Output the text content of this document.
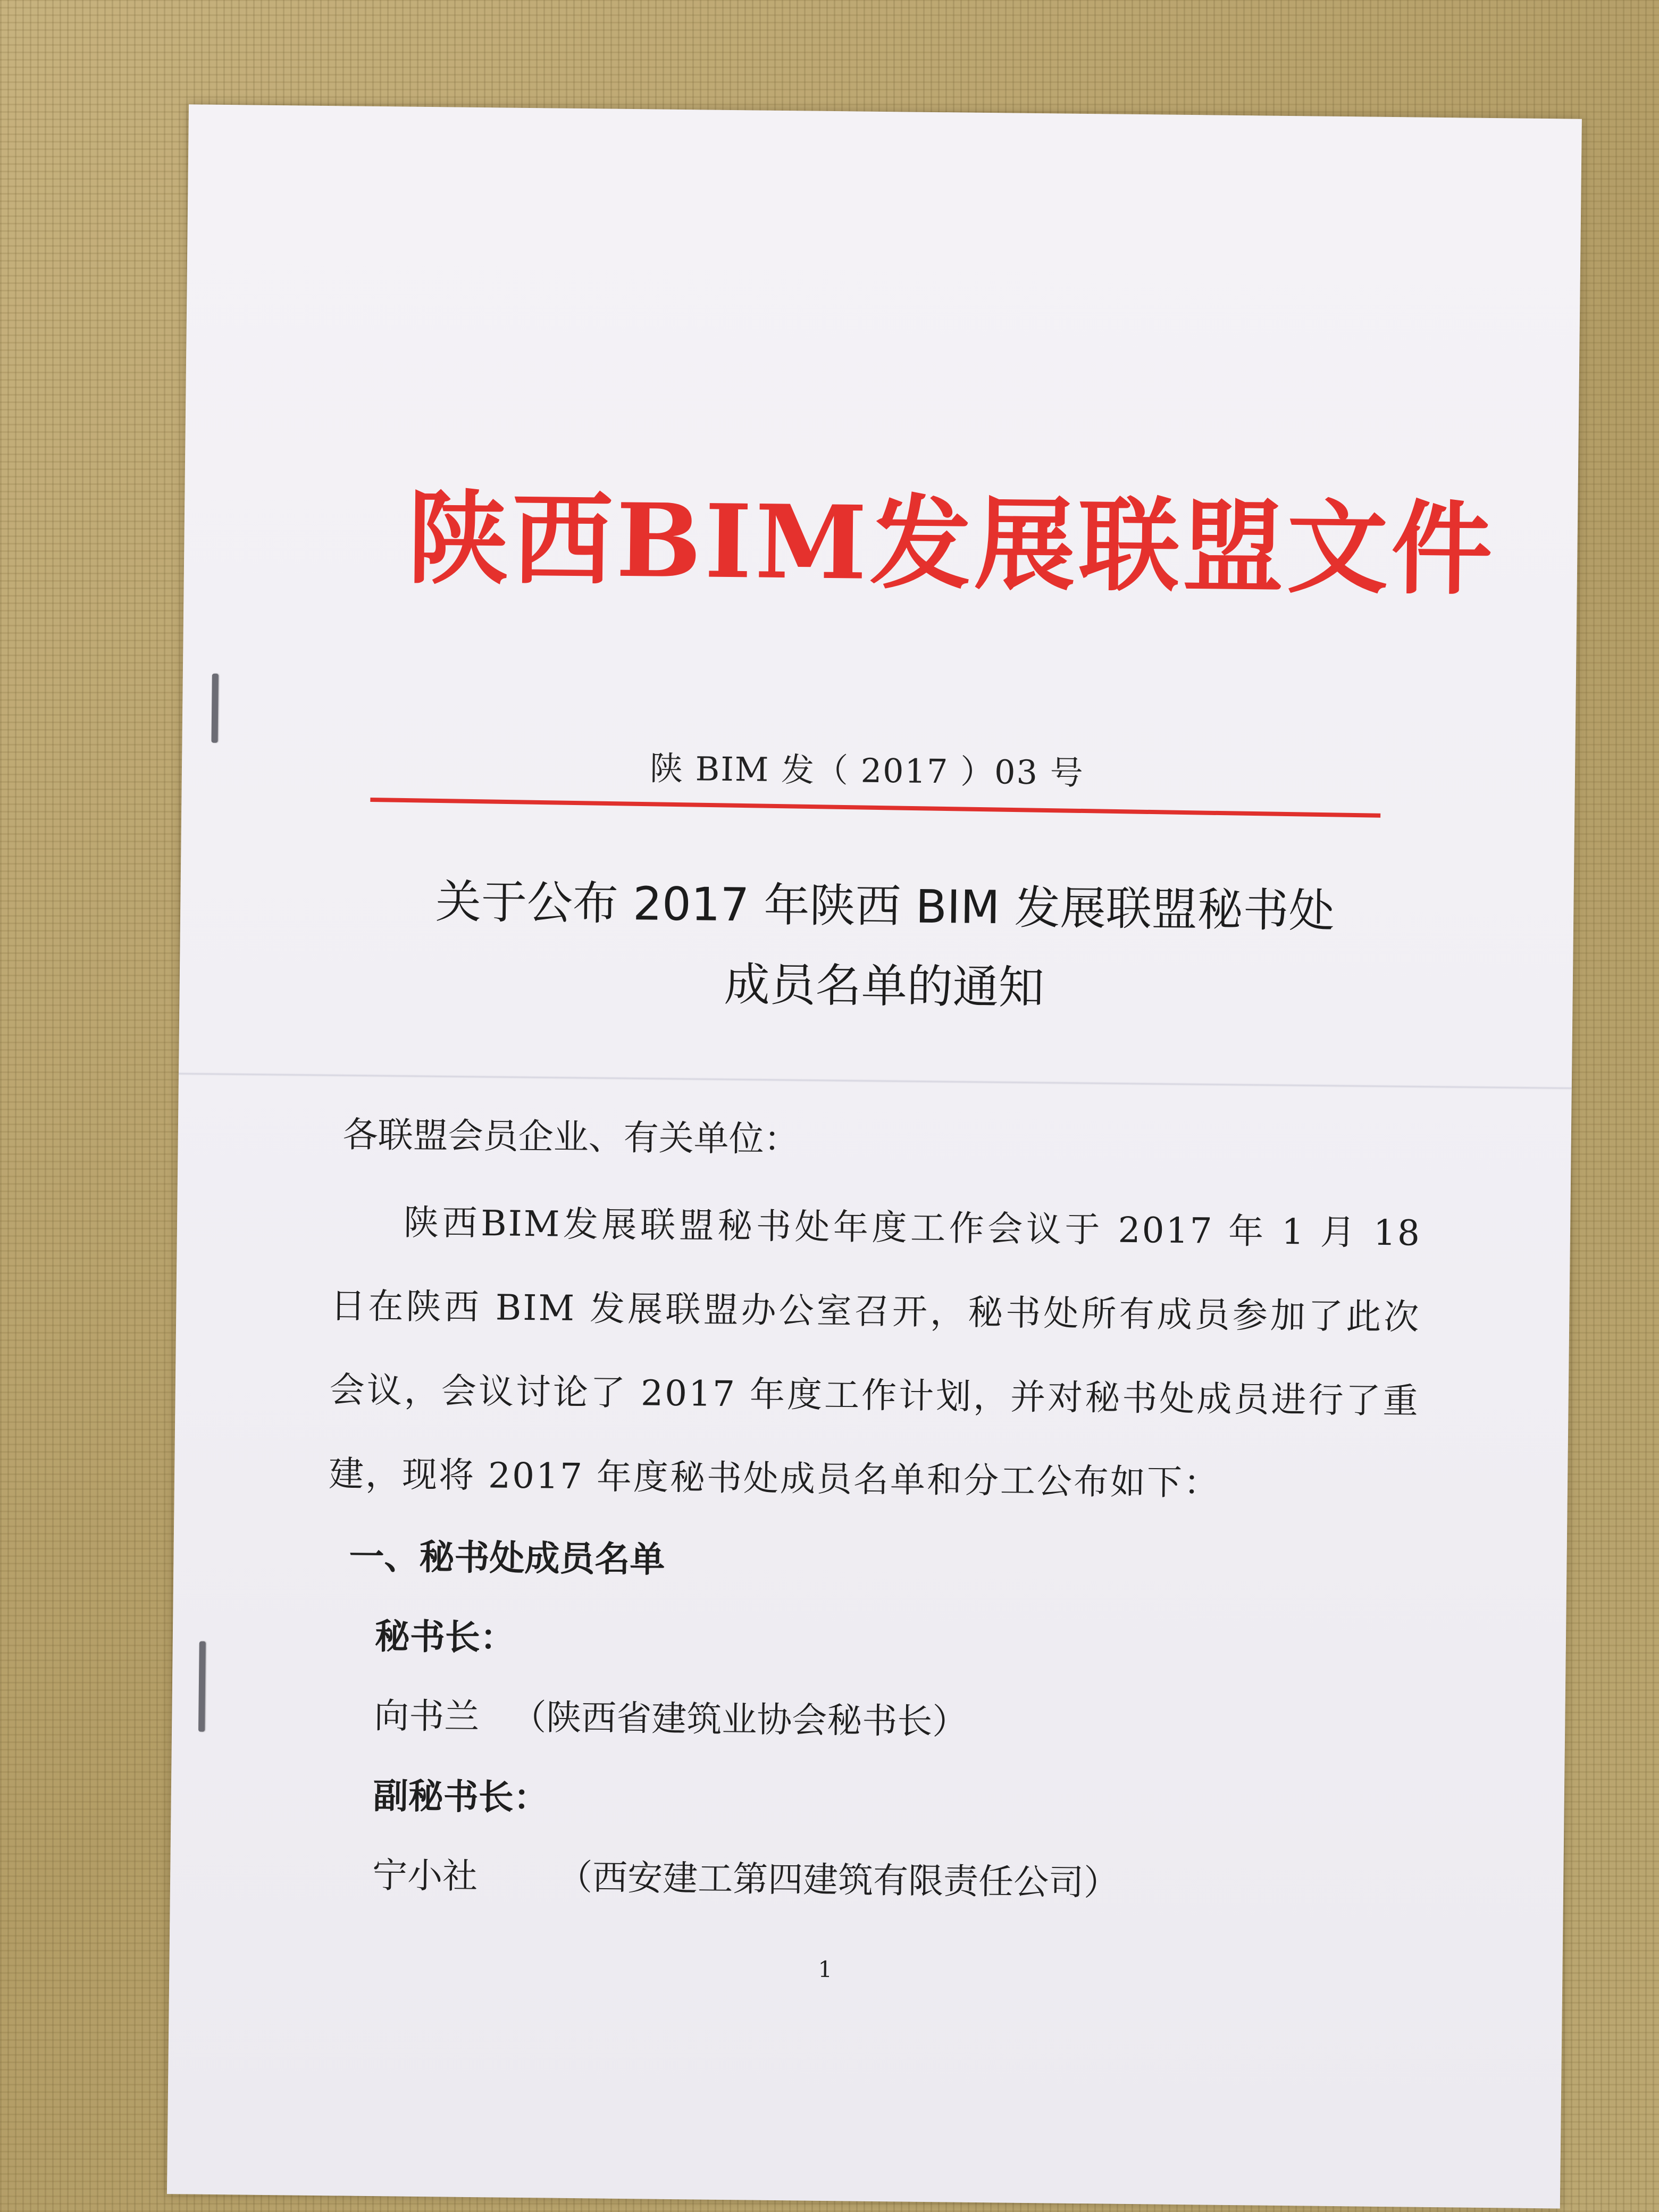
陕西BIM发展联盟文件
陕 BIM 发（ 2017 ）03 号
关于公布 2017 年陕西 BIM 发展联盟秘书处
成员名单的通知

各联盟会员企业、有关单位：

陕西BIM发展联盟秘书处年度工作会议于 2017 年 1 月 18 日在陕西 BIM 发展联盟办公室召开，秘书处所有成员参加了此次会议，会议讨论了 2017 年度工作计划，并对秘书处成员进行了重建，现将 2017 年度秘书处成员名单和分工公布如下：

一、秘书处成员名单

秘书长：

向书兰 （陕西省建筑业协会秘书长）

副秘书长：

宁小社 （西安建工第四建筑有限责任公司）

1
